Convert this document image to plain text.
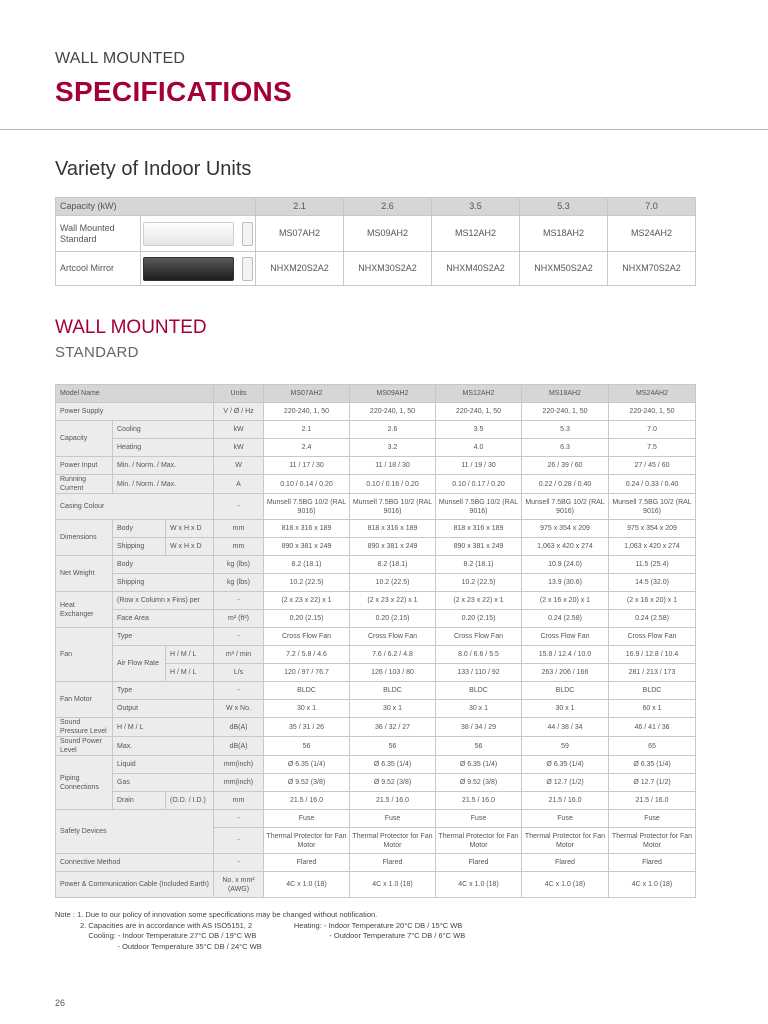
WALL MOUNTED
SPECIFICATIONS
Variety of Indoor Units
Capacity (kW)		2.1	2.6	3.5	5.3	7.0
Wall Mounted Standard		MS07AH2	MS09AH2	MS12AH2	MS18AH2	MS24AH2
Artcool Mirror		NHXM20S2A2	NHXM30S2A2	NHXM40S2A2	NHXM50S2A2	NHXM70S2A2
WALL MOUNTED
STANDARD
Model Name			Units	MS07AH2	MS09AH2	MS12AH2	MS18AH2	MS24AH2
Power Supply			V / Ø / Hz	220-240, 1, 50	220-240, 1, 50	220-240, 1, 50	220-240, 1, 50	220-240, 1, 50
Capacity	Cooling		kW	2.1	2.6	3.5	5.3	7.0
	Heating		kW	2.4	3.2	4.0	6.3	7.5
Power Input	Min. / Norm. / Max.		W	11 / 17 / 30	11 / 18 / 30	11 / 19 / 30	26 / 39 / 60	27 / 45 / 60
Running Current	Min. / Norm. / Max.		A	0.10 / 0.14 / 0.20	0.10 / 0.16 / 0.20	0.10 / 0.17 / 0.20	0.22 / 0.28 / 0.40	0.24 / 0.33 / 0.40
Casing Colour			-	Munsell 7.5BG 10/2 (RAL 9016)	Munsell 7.5BG 10/2 (RAL 9016)	Munsell 7.5BG 10/2 (RAL 9016)	Munsell 7.5BG 10/2 (RAL 9016)	Munsell 7.5BG 10/2 (RAL 9016)
Dimensions	Body	W x H x D	mm	818 x 316 x 189	818 x 316 x 189	818 x 316 x 189	975 x 354 x 209	975 x 354 x 209
	Shipping	W x H x D	mm	890 x 381 x 249	890 x 381 x 249	890 x 381 x 249	1,063 x 420 x 274	1,063 x 420 x 274
Net Weight	Body		kg (lbs)	8.2 (18.1)	8.2 (18.1)	8.2 (18.1)	10.9 (24.0)	11.5 (25.4)
	Shipping		kg (lbs)	10.2 (22.5)	10.2 (22.5)	10.2 (22.5)	13.9 (30.6)	14.5 (32.0)
Heat Exchanger	(Row x Column x Fins) per		-	(2 x 23 x 22) x 1	(2 x 23 x 22) x 1	(2 x 23 x 22) x 1	(2 x 16 x 20) x 1	(2 x 16 x 20) x 1
	Face Area		m² (ft²)	0.20 (2.15)	0.20 (2.15)	0.20 (2.15)	0.24 (2.58)	0.24 (2.58)
Fan	Type		-	Cross Flow Fan	Cross Flow Fan	Cross Flow Fan	Cross Flow Fan	Cross Flow Fan
	Air Flow Rate	H / M / L	m³ / min	7.2 / 5.8 / 4.6	7.6 / 6.2 / 4.8	8.0 / 6.6 / 5.5	15.8 / 12.4 / 10.0	16.9 / 12.8 / 10.4
		H / M / L	L/s	120 / 97 / 76.7	126 / 103 / 80	133 / 110 / 92	263 / 206 / 166	281 / 213 / 173
Fan Motor	Type		-	BLDC	BLDC	BLDC	BLDC	BLDC
	Output		W x No.	30 x 1	30 x 1	30 x 1	30 x 1	60 x 1
Sound Pressure Level	H / M / L		dB(A)	35 / 31 / 26	36 / 32 / 27	38 / 34 / 29	44 / 38 / 34	46 / 41 / 36
Sound Power Level	Max.		dB(A)	56	56	56	59	65
Piping Connections	Liquid		mm(inch)	Ø 6.35 (1/4)	Ø 6.35 (1/4)	Ø 6.35 (1/4)	Ø 6.35 (1/4)	Ø 6.35 (1/4)
	Gas		mm(inch)	Ø 9.52 (3/8)	Ø 9.52 (3/8)	Ø 9.52 (3/8)	Ø 12.7 (1/2)	Ø 12.7 (1/2)
	Drain	(O.D. / I.D.)	mm	21.5 / 16.0	21.5 / 16.0	21.5 / 16.0	21.5 / 16.0	21.5 / 16.0
Safety Devices			-	Fuse	Fuse	Fuse	Fuse	Fuse
			-	Thermal Protector for Fan Motor	Thermal Protector for Fan Motor	Thermal Protector for Fan Motor	Thermal Protector for Fan Motor	Thermal Protector for Fan Motor
Connective Method			-	Flared	Flared	Flared	Flared	Flared
Power & Communication Cable (Included Earth)			No. x mm² (AWG)	4C x 1.0 (18)	4C x 1.0 (18)	4C x 1.0 (18)	4C x 1.0 (18)	4C x 1.0 (18)
Note : 1. Due to our policy of innovation some specifications may be changed without notification.
2. Capacities are in accordance with AS ISO5151, 2                    Heating: - Indoor Temperature 20°C DB / 15°C WB
Cooling: - Indoor Temperature 27°C DB / 19°C WB                                   - Outdoor Temperature 7°C DB / 6°C WB
- Outdoor Temperature 35°C DB / 24°C WB
26
